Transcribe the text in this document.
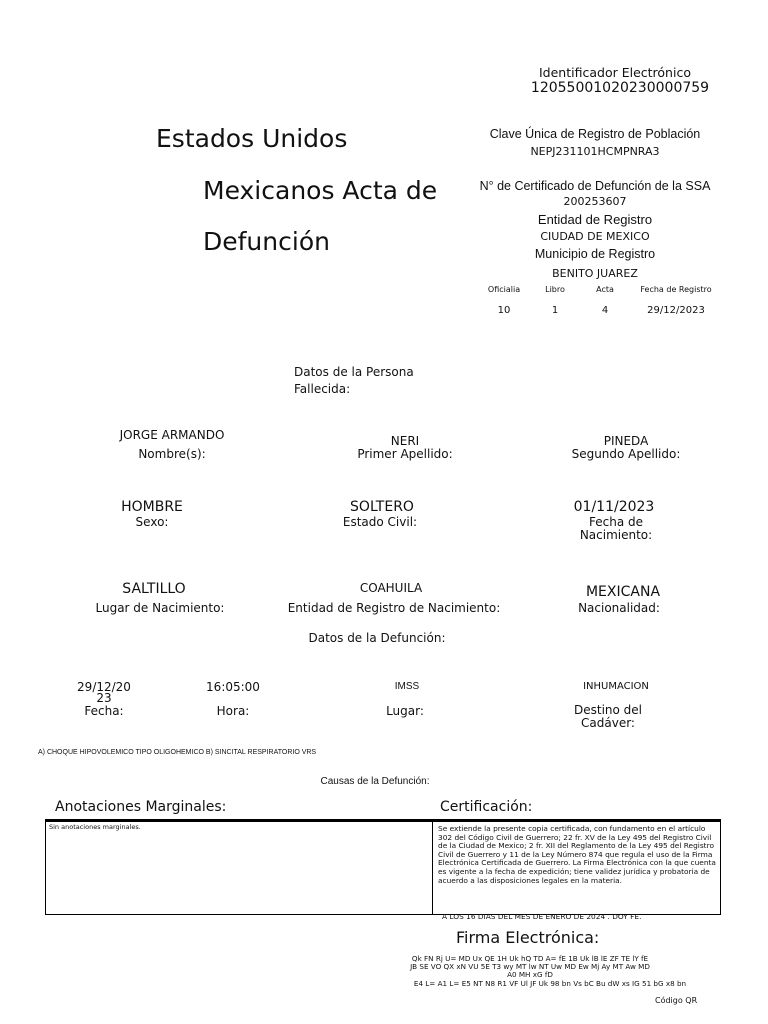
Identificador Electrónico
12055001020230000759
Clave Única de Registro de Población
NEPJ231101HCMPNRA3
N° de Certificado de Defunción de la SSA
200253607
Entidad de Registro
CIUDAD DE MEXICO
Municipio de Registro
BENITO JUAREZ
Estados Unidos
Mexicanos Acta de
Defunción
Oficialia	Libro	Acta	Fecha de Registro
10	1	4	29/12/2023
Datos de la Persona
Fallecida:
JORGE ARMANDO
Nombre(s):
NERI
Primer Apellido:
PINEDA
Segundo Apellido:
HOMBRE
Sexo:
SOLTERO
Estado Civil:
01/11/2023
Fecha de
Nacimiento:
SALTILLO
Lugar de Nacimiento:
COAHUILA
Entidad de Registro de Nacimiento:
MEXICANA
Nacionalidad:
Datos de la Defunción:
29/12/20
23
Fecha:
16:05:00
Hora:
IMSS
Lugar:
INHUMACION
Destino del
Cadáver:
A) CHOQUE HIPOVOLEMICO TIPO OLIGOHEMICO B) SINCITAL RESPIRATORIO VRS
Causas de la Defunción:
Anotaciones Marginales:	Certificación:
Sin anotaciones marginales.	Se extiende la presente copia certificada, con fundamento en el artículo 302 del Código Civil de Guerrero; 22 fr. XV de la Ley 495 del Registro Civil de la Ciudad de Mexico; 2 fr. XII del Reglamento de la Ley 495 del Registro Civil de Guerrero y 11 de la Ley Número 874 que regula el uso de la Firma Electrónica Certificada de Guerrero. La Firma Electrónica con la que cuenta es vigente a la fecha de expedición; tiene validez jurídica y probatoria de acuerdo a las disposiciones legales en la materia.
A LOS 16 DIAS DEL MES DE ENERO DE 2024 . DOY FE.
Firma Electrónica:
Qk FN Rj U= MD Ux QE 1H Uk hQ TD A= fE 1B Uk lB lE ZF TE lY fE
JB SE VO QX xN VU 5E T3 wy MT lw NT Uw MD Ew Mj Ay MT Aw MD
A0 MH xG fD
E4 L= A1 L= E5 NT N8 R1 VF Ul JF Uk 98 bn Vs bC Bu dW xs IG 51 bG x8 bn
Código QR
